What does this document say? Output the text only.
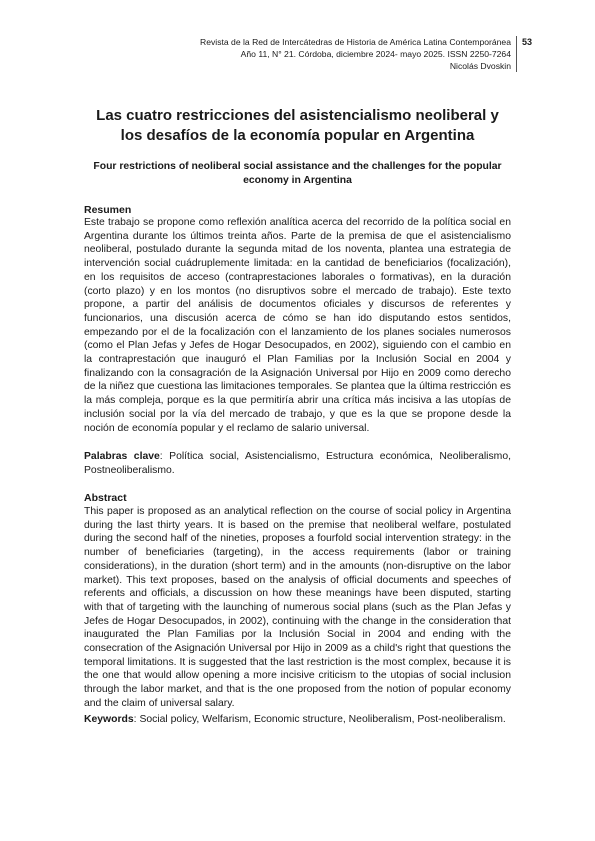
Revista de la Red de Intercátedras de Historia de América Latina Contemporánea
Año 11, N° 21. Córdoba, diciembre 2024- mayo 2025. ISSN 2250-7264
Nicolás Dvoskin
53
Las cuatro restricciones del asistencialismo neoliberal y los desafíos de la economía popular en Argentina
Four restrictions of neoliberal social assistance and the challenges for the popular economy in Argentina
Resumen

Este trabajo se propone como reflexión analítica acerca del recorrido de la política social en Argentina durante los últimos treinta años. Parte de la premisa de que el asistencialismo neoliberal, postulado durante la segunda mitad de los noventa, plantea una estrategia de intervención social cuádruplemente limitada: en la cantidad de beneficiarios (focalización), en los requisitos de acceso (contraprestaciones laborales o formativas), en la duración (corto plazo) y en los montos (no disruptivos sobre el mercado de trabajo). Este texto propone, a partir del análisis de documentos oficiales y discursos de referentes y funcionarios, una discusión acerca de cómo se han ido disputando estos sentidos, empezando por el de la focalización con el lanzamiento de los planes sociales numerosos (como el Plan Jefas y Jefes de Hogar Desocupados, en 2002), siguiendo con el cambio en la contraprestación que inauguró el Plan Familias por la Inclusión Social en 2004 y finalizando con la consagración de la Asignación Universal por Hijo en 2009 como derecho de la niñez que cuestiona las limitaciones temporales. Se plantea que la última restricción es la más compleja, porque es la que permitiría abrir una crítica más incisiva a las utopías de inclusión social por la vía del mercado de trabajo, y que es la que se propone desde la noción de economía popular y el reclamo de salario universal.

Palabras clave: Política social, Asistencialismo, Estructura económica, Neoliberalismo, Postneoliberalismo.

Abstract

This paper is proposed as an analytical reflection on the course of social policy in Argentina during the last thirty years. It is based on the premise that neoliberal welfare, postulated during the second half of the nineties, proposes a fourfold social intervention strategy: in the number of beneficiaries (targeting), in the access requirements (labor or training considerations), in the duration (short term) and in the amounts (non-disruptive on the labor market). This text proposes, based on the analysis of official documents and speeches of referents and officials, a discussion on how these meanings have been disputed, starting with that of targeting with the launching of numerous social plans (such as the Plan Jefas y Jefes de Hogar Desocupados, in 2002), continuing with the change in the consideration that inaugurated the Plan Familias por la Inclusión Social in 2004 and ending with the consecration of the Asignación Universal por Hijo in 2009 as a child's right that questions the temporal limitations. It is suggested that the last restriction is the most complex, because it is the one that would allow opening a more incisive criticism to the utopias of social inclusion through the labor market, and that is the one proposed from the notion of popular economy and the claim of universal salary.

Keywords: Social policy, Welfarism, Economic structure, Neoliberalism, Post-neoliberalism.
